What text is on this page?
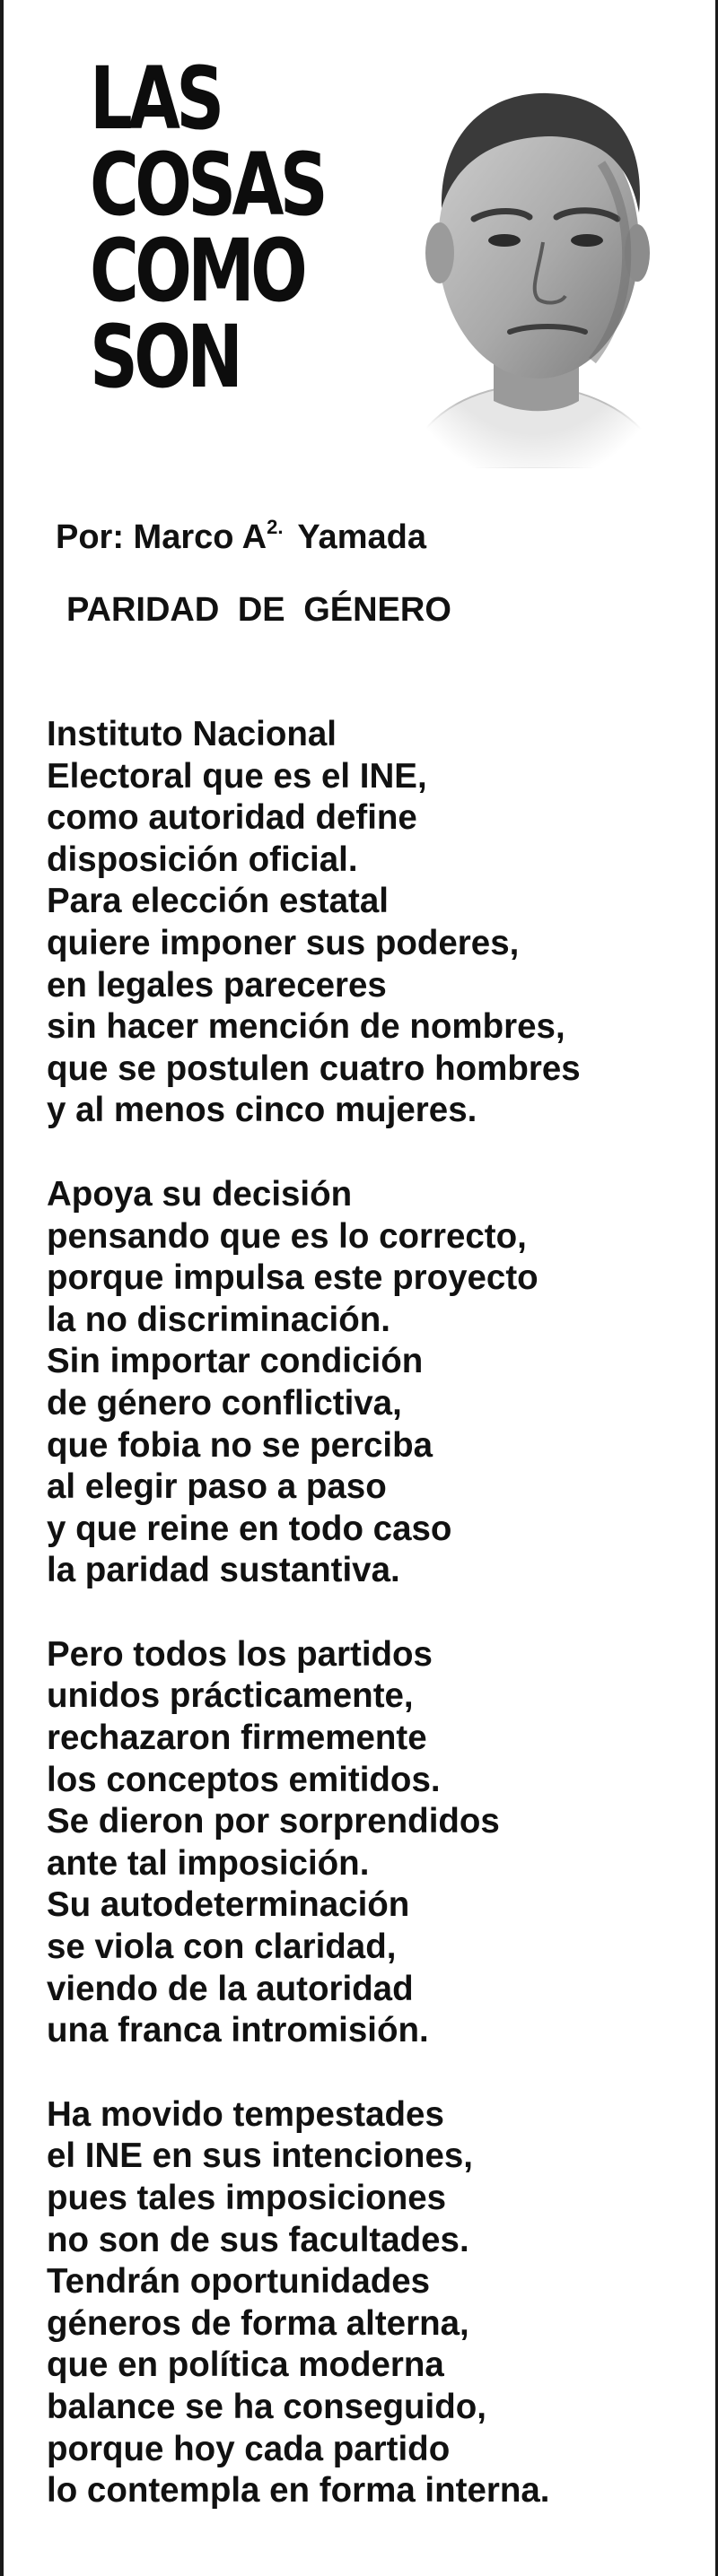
LAS
COSAS
COMO
SON
Por: Marco $A^{2.}$ Yamada
PARIDAD DE GÉNERO
Instituto Nacional
Electoral que es el INE,
como autoridad define
disposición oficial.
Para elección estatal
quiere imponer sus poderes,
en legales pareceres
sin hacer mención de nombres,
que se postulen cuatro hombres
y al menos cinco mujeres.
Apoya su decisión
pensando que es lo correcto,
porque impulsa este proyecto
la no discriminación.
Sin importar condición
de género conflictiva,
que fobia no se perciba
al elegir paso a paso
y que reine en todo caso
la paridad sustantiva.
Pero todos los partidos
unidos prácticamente,
rechazaron firmemente
los conceptos emitidos.
Se dieron por sorprendidos
ante tal imposición.
Su autodeterminación
se viola con claridad,
viendo de la autoridad
una franca intromisión.
Ha movido tempestades
el INE en sus intenciones,
pues tales imposiciones
no son de sus facultades.
Tendrán oportunidades
géneros de forma alterna,
que en política moderna
balance se ha conseguido,
porque hoy cada partido
lo contempla en forma interna.
